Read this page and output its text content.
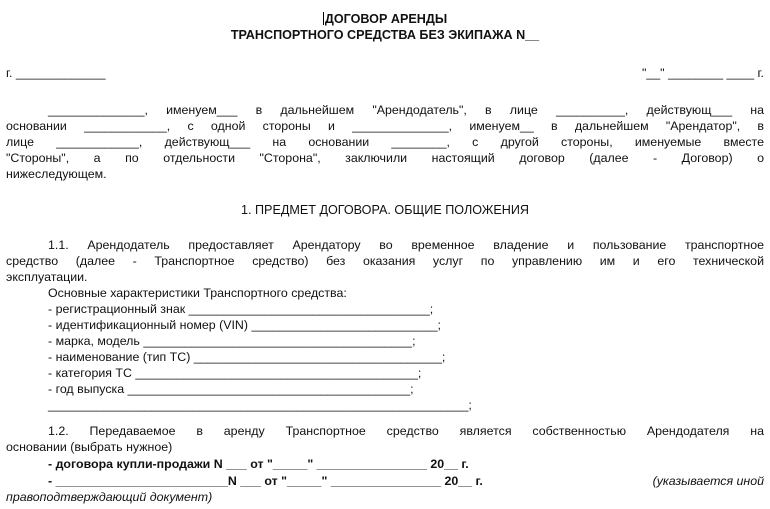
ДОГОВОР АРЕНДЫ
ТРАНСПОРТНОГО СРЕДСТВА БЕЗ ЭКИПАЖА N__
г. _____________	"__" ________ ____ г.
______________, именуем___ в дальнейшем "Арендодатель", в лице __________, действующ___ на
основании ____________, с одной стороны и ______________, именуем__ в дальнейшем "Арендатор", в
лице ____________, действующ___ на основании ________, с другой стороны, именуемые вместе
"Стороны", а по отдельности "Сторона", заключили настоящий договор (далее - Договор) о
нижеследующем.
1. ПРЕДМЕТ ДОГОВОРА. ОБЩИЕ ПОЛОЖЕНИЯ
1.1. Арендодатель предоставляет Арендатору во временное владение и пользование транспортное
средство (далее - Транспортное средство) без оказания услуг по управлению им и его технической
эксплуатации.
Основные характеристики Транспортного средства:
- регистрационный знак ___________________________________;
- идентификационный номер (VIN) ___________________________;
- марка, модель _______________________________________;
- наименование (тип ТС) ____________________________________;
- категория ТС _________________________________________;
- год выпуска _________________________________________;
_____________________________________________________________;
1.2. Передаваемое в аренду Транспортное средство является собственностью Арендодателя на
основании (выбрать нужное)
- договора купли-продажи N ___ от "_____" ________________ 20__ г.
- _________________________N ___ от "_____" ________________ 20__ г.	(указывается иной
правоподтверждающий документ)
